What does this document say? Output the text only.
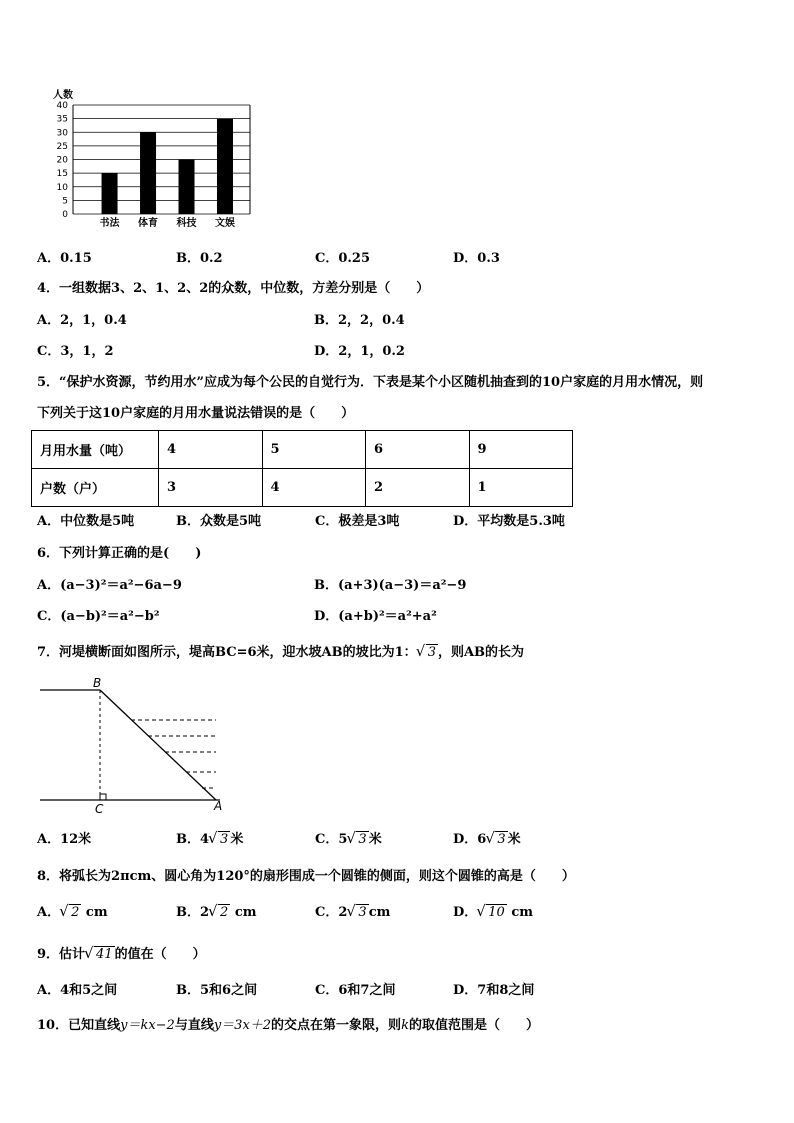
0
5
10
15
20
25
30
35
40
书法 体育 科技 文娱
人数
A．0.15	B．0.2	C．0.25	D．0.3
4．一组数据3、2、1、2、2的众数，中位数，方差分别是（　　）
A．2，1，0.4	B．2，2，0.4
C．3，1，2	D．2，1，0.2
5．“保护水资源，节约用水”应成为每个公民的自觉行为．下表是某个小区随机抽查到的10户家庭的月用水情况，则
下列关于这10户家庭的月用水量说法错误的是（　　）
月用水量（吨）	4	5	6	9
户数（户）	3	4	2	1
A．中位数是5吨	B．众数是5吨	C．极差是3吨	D．平均数是5.3吨
6．下列计算正确的是(　　)
A．(a−3)²＝a²−6a−9	B．(a+3)(a−3)＝a²−9
C．(a−b)²＝a²−b²	D．(a+b)²＝a²+a²
7．河堤横断面如图所示，堤高BC=6米，迎水坡AB的坡比为1： √ 3 ，则AB的长为
B
C	A
A．12米	B．4 √ 3 米	C．5 √ 3 米	D．6 √ 3 米
8．将弧长为2πcm、圆心角为120°的扇形围成一个圆锥的侧面，则这个圆锥的高是（　　）
A． √ 2 cm	B．2 √ 2 cm	C．2 √ 3 cm	D． √ 10 cm
9．估计 √ 41 的值在（　　）
A．4和5之间	B．5和6之间	C．6和7之间	D．7和8之间
10．已知直线y＝kx−2与直线y＝3x＋2的交点在第一象限，则k的取值范围是（　　）
